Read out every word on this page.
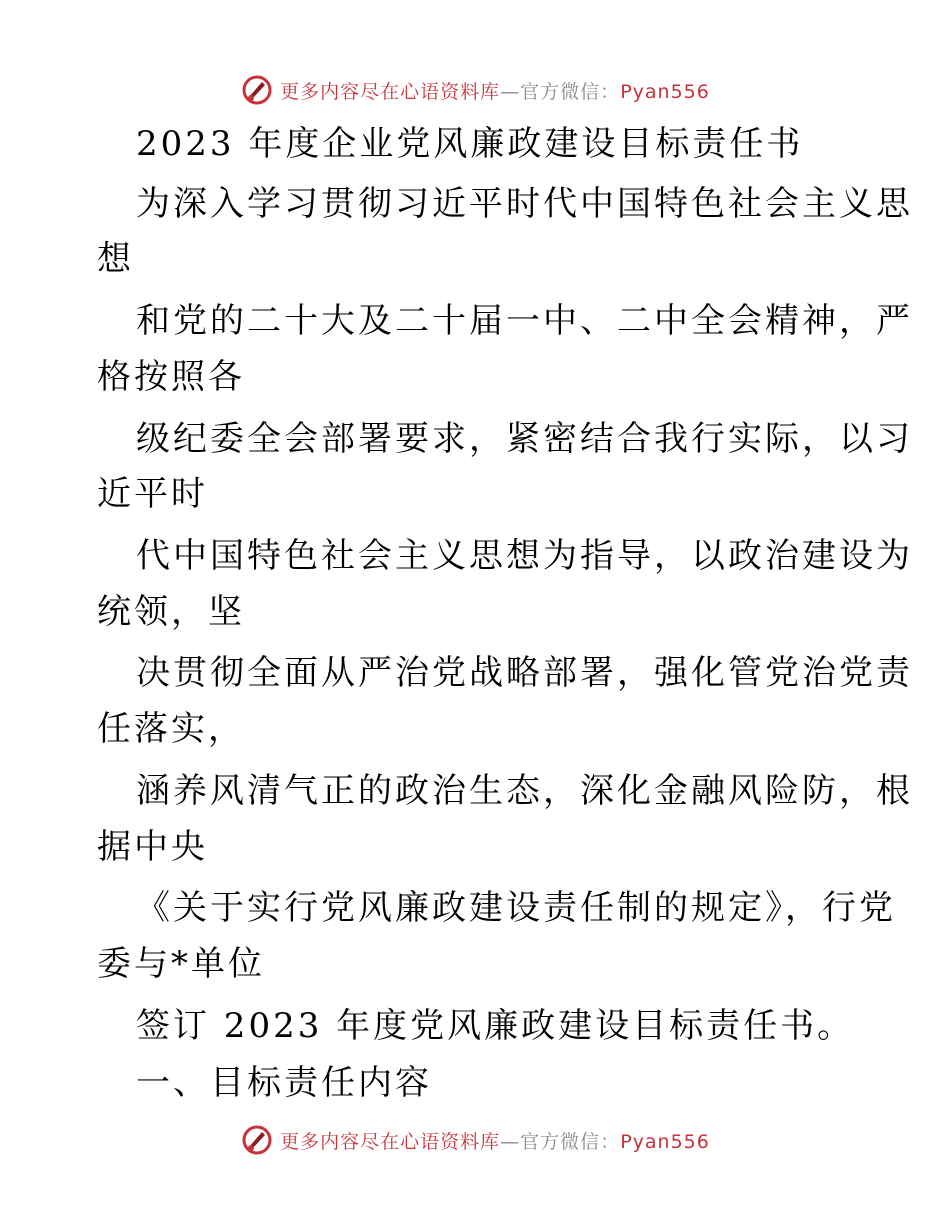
更多内容尽在心语资料库—官方微信：Pyan556
2023 年度企业党风廉政建设目标责任书
为深入学习贯彻习近平时代中国特色社会主义思
想
和党的二十大及二十届一中、二中全会精神，严
格按照各
级纪委全会部署要求，紧密结合我行实际，以习
近平时
代中国特色社会主义思想为指导，以政治建设为
统领，坚
决贯彻全面从严治党战略部署，强化管党治党责
任落实，
涵养风清气正的政治生态，深化金融风险防，根
据中央
《关于实行党风廉政建设责任制的规定》，行党
委与*单位
签订 2023 年度党风廉政建设目标责任书。
一、目标责任内容
更多内容尽在心语资料库—官方微信：Pyan556
